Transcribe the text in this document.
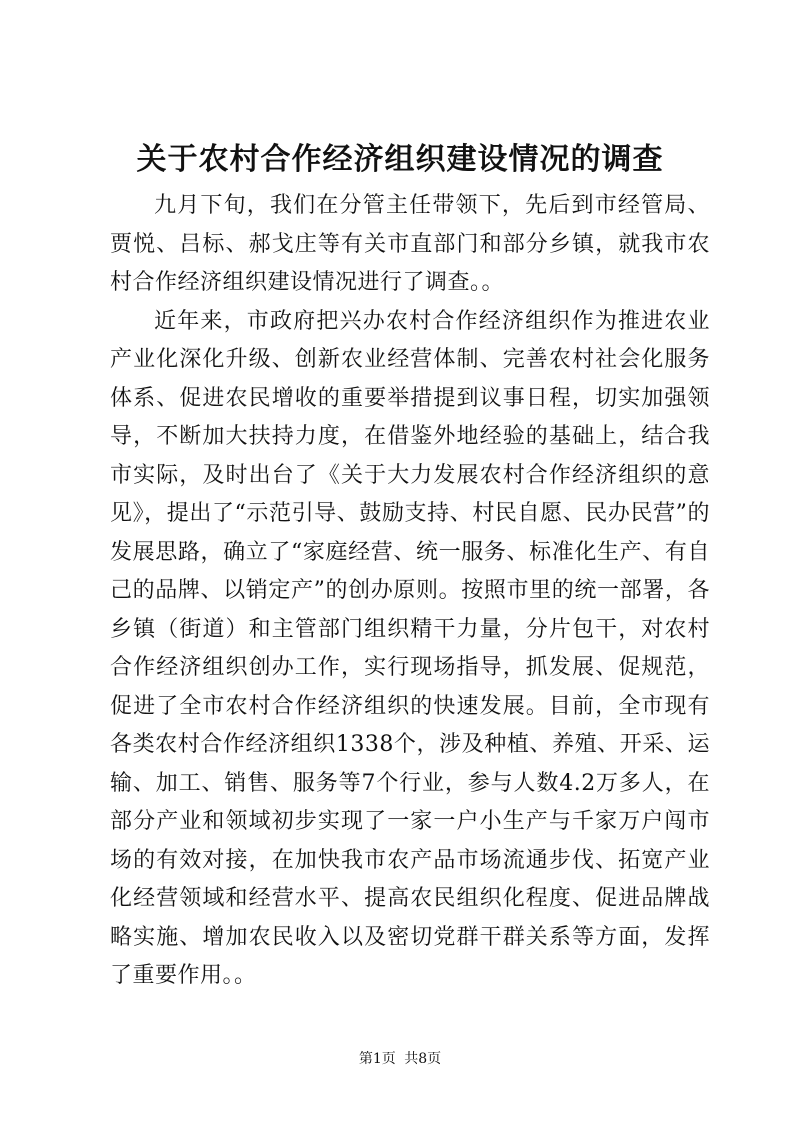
关于农村合作经济组织建设情况的调查

九月下旬，我们在分管主任带领下，先后到市经管局、贾悦、吕标、郝戈庄等有关市直部门和部分乡镇，就我市农村合作经济组织建设情况进行了调查。。

近年来，市政府把兴办农村合作经济组织作为推进农业产业化深化升级、创新农业经营体制、完善农村社会化服务体系、促进农民增收的重要举措提到议事日程，切实加强领导，不断加大扶持力度，在借鉴外地经验的基础上，结合我市实际，及时出台了《关于大力发展农村合作经济组织的意见》，提出了“示范引导、鼓励支持、村民自愿、民办民营”的发展思路，确立了“家庭经营、统一服务、标准化生产、有自己的品牌、以销定产”的创办原则。按照市里的统一部署，各乡镇（街道）和主管部门组织精干力量，分片包干，对农村合作经济组织创办工作，实行现场指导，抓发展、促规范，促进了全市农村合作经济组织的快速发展。目前，全市现有各类农村合作经济组织1338个，涉及种植、养殖、开采、运输、加工、销售、服务等7个行业，参与人数4.2万多人，在部分产业和领域初步实现了一家一户小生产与千家万户闯市场的有效对接，在加快我市农产品市场流通步伐、拓宽产业化经营领域和经营水平、提高农民组织化程度、促进品牌战略实施、增加农民收入以及密切党群干群关系等方面，发挥了重要作用。。

第1页 共8页
